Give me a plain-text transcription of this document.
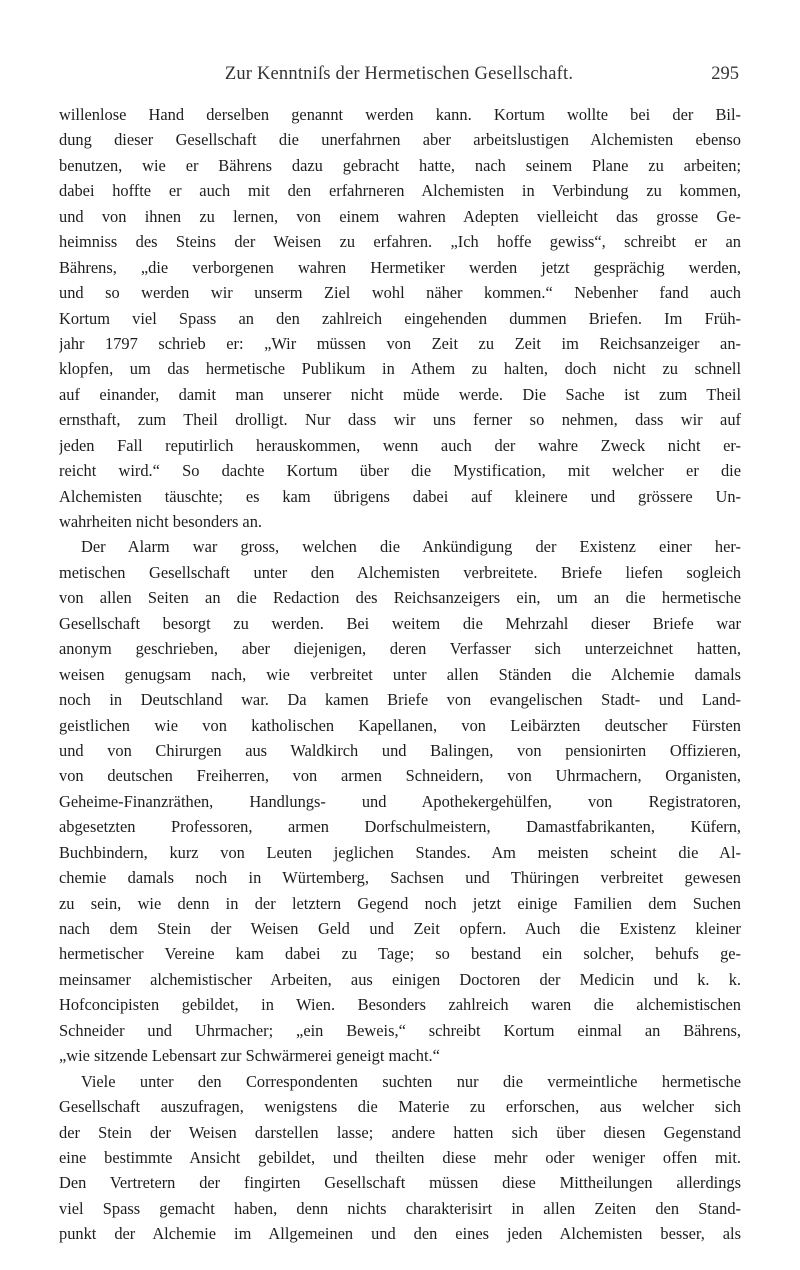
Zur Kenntniſs der Hermetischen Gesellschaft.	295
willenlose Hand derselben genannt werden kann. Kortum wollte bei der Bil-
dung dieser Gesellschaft die unerfahrnen aber arbeitslustigen Alchemisten ebenso
benutzen, wie er Bährens dazu gebracht hatte, nach seinem Plane zu arbeiten;
dabei hoffte er auch mit den erfahrneren Alchemisten in Verbindung zu kommen,
und von ihnen zu lernen, von einem wahren Adepten vielleicht das grosse Ge-
heimniss des Steins der Weisen zu erfahren. „Ich hoffe gewiss“, schreibt er an
Bährens, „die verborgenen wahren Hermetiker werden jetzt gesprächig werden,
und so werden wir unserm Ziel wohl näher kommen.“ Nebenher fand auch
Kortum viel Spass an den zahlreich eingehenden dummen Briefen. Im Früh-
jahr 1797 schrieb er: „Wir müssen von Zeit zu Zeit im Reichsanzeiger an-
klopfen, um das hermetische Publikum in Athem zu halten, doch nicht zu schnell
auf einander, damit man unserer nicht müde werde. Die Sache ist zum Theil
ernsthaft, zum Theil drolligt. Nur dass wir uns ferner so nehmen, dass wir auf
jeden Fall reputirlich herauskommen, wenn auch der wahre Zweck nicht er-
reicht wird.“ So dachte Kortum über die Mystification, mit welcher er die
Alchemisten täuschte; es kam übrigens dabei auf kleinere und grössere Un-
wahrheiten nicht besonders an.
Der Alarm war gross, welchen die Ankündigung der Existenz einer her-
metischen Gesellschaft unter den Alchemisten verbreitete. Briefe liefen sogleich
von allen Seiten an die Redaction des Reichsanzeigers ein, um an die hermetische
Gesellschaft besorgt zu werden. Bei weitem die Mehrzahl dieser Briefe war
anonym geschrieben, aber diejenigen, deren Verfasser sich unterzeichnet hatten,
weisen genugsam nach, wie verbreitet unter allen Ständen die Alchemie damals
noch in Deutschland war. Da kamen Briefe von evangelischen Stadt- und Land-
geistlichen wie von katholischen Kapellanen, von Leibärzten deutscher Fürsten
und von Chirurgen aus Waldkirch und Balingen, von pensionirten Offizieren,
von deutschen Freiherren, von armen Schneidern, von Uhrmachern, Organisten,
Geheime-Finanzräthen, Handlungs- und Apothekergehülfen, von Registratoren,
abgesetzten Professoren, armen Dorfschulmeistern, Damastfabrikanten, Küfern,
Buchbindern, kurz von Leuten jeglichen Standes. Am meisten scheint die Al-
chemie damals noch in Würtemberg, Sachsen und Thüringen verbreitet gewesen
zu sein, wie denn in der letztern Gegend noch jetzt einige Familien dem Suchen
nach dem Stein der Weisen Geld und Zeit opfern. Auch die Existenz kleiner
hermetischer Vereine kam dabei zu Tage; so bestand ein solcher, behufs ge-
meinsamer alchemistischer Arbeiten, aus einigen Doctoren der Medicin und k. k.
Hofconcipisten gebildet, in Wien. Besonders zahlreich waren die alchemistischen
Schneider und Uhrmacher; „ein Beweis,“ schreibt Kortum einmal an Bährens,
„wie sitzende Lebensart zur Schwärmerei geneigt macht.“
Viele unter den Correspondenten suchten nur die vermeintliche hermetische
Gesellschaft auszufragen, wenigstens die Materie zu erforschen, aus welcher sich
der Stein der Weisen darstellen lasse; andere hatten sich über diesen Gegenstand
eine bestimmte Ansicht gebildet, und theilten diese mehr oder weniger offen mit.
Den Vertretern der fingirten Gesellschaft müssen diese Mittheilungen allerdings
viel Spass gemacht haben, denn nichts charakterisirt in allen Zeiten den Stand-
punkt der Alchemie im Allgemeinen und den eines jeden Alchemisten besser, als
